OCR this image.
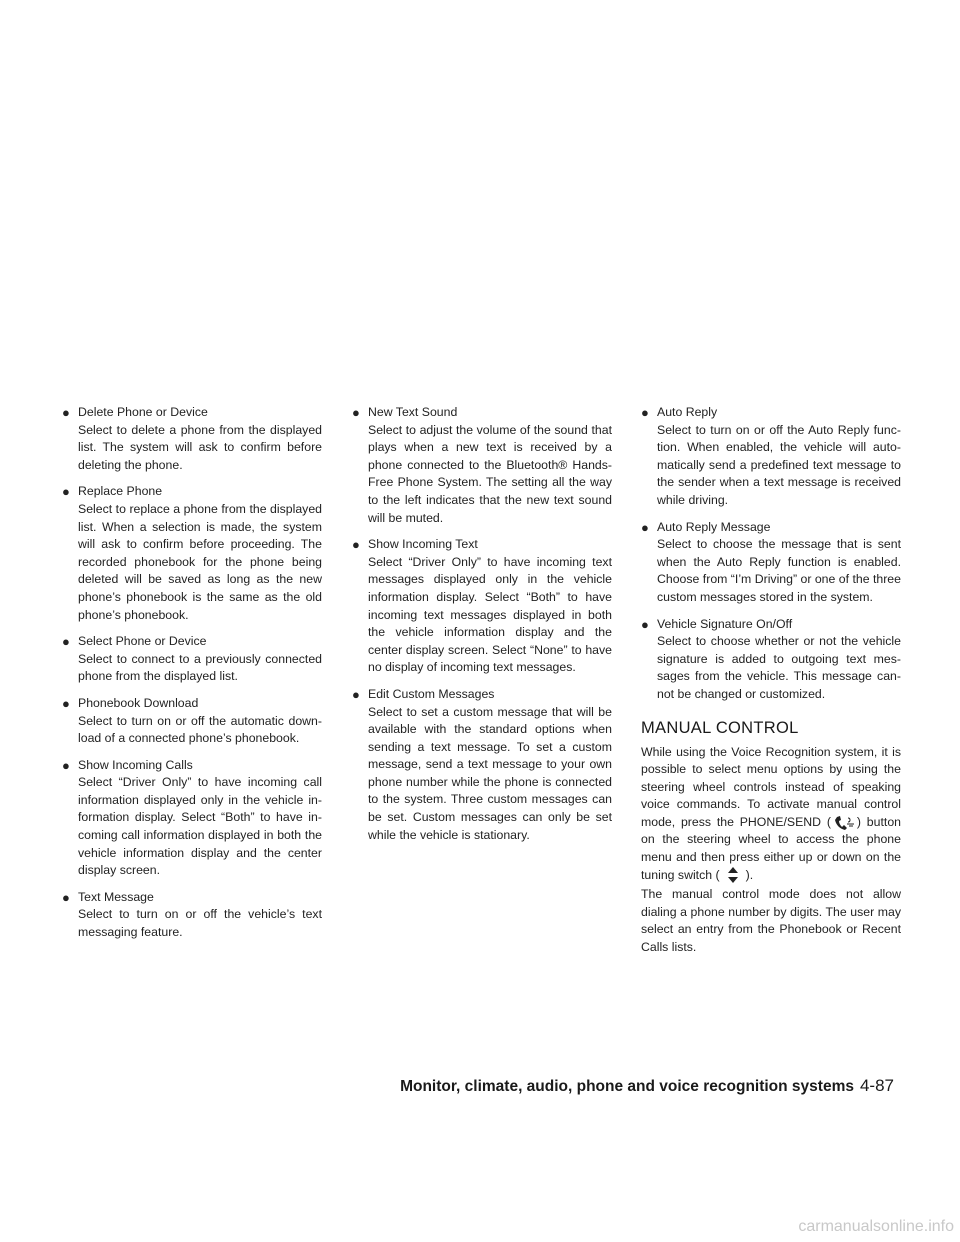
● Delete Phone or Device
Select to delete a phone from the displayed list. The system will ask to confirm before deleting the phone.
● Replace Phone
Select to replace a phone from the displayed list. When a selection is made, the system will ask to confirm before proceeding. The recorded phonebook for the phone being deleted will be saved as long as the new phone’s phonebook is the same as the old phone’s phonebook.
● Select Phone or Device
Select to connect to a previously connected phone from the displayed list.
● Phonebook Download
Select to turn on or off the automatic download of a connected phone’s phonebook.
● Show Incoming Calls
Select “Driver Only” to have incoming call information displayed only in the vehicle information display. Select “Both” to have incoming call information displayed in both the vehicle information display and the center display screen.
● Text Message
Select to turn on or off the vehicle’s text messaging feature.
● New Text Sound
Select to adjust the volume of the sound that plays when a new text is received by a phone connected to the Bluetooth® Hands-Free Phone System. The setting all the way to the left indicates that the new text sound will be muted.
● Show Incoming Text
Select “Driver Only” to have incoming text messages displayed only in the vehicle information display. Select “Both” to have incoming text messages displayed in both the vehicle information display and the center display screen. Select “None” to have no display of incoming text messages.
● Edit Custom Messages
Select to set a custom message that will be available with the standard options when sending a text message. To set a custom message, send a text message to your own phone number while the phone is connected to the system. Three custom messages can be set. Custom messages can only be set while the vehicle is stationary.
● Auto Reply
Select to turn on or off the Auto Reply function. When enabled, the vehicle will automatically send a predefined text message to the sender when a text message is received while driving.
● Auto Reply Message
Select to choose the message that is sent when the Auto Reply function is enabled. Choose from “I’m Driving” or one of the three custom messages stored in the system.
● Vehicle Signature On/Off
Select to choose whether or not the vehicle signature is added to outgoing text messages from the vehicle. This message cannot be changed or customized.
MANUAL CONTROL

While using the Voice Recognition system, it is possible to select menu options by using the steering wheel controls instead of speaking voice commands. To activate manual control mode, press the PHONE/SEND ( ) button on the steering wheel to access the phone menu and then press either up or down on the tuning switch ( ).

The manual control mode does not allow dialing a phone number by digits. The user may select an entry from the Phonebook or Recent Calls lists.

Monitor, climate, audio, phone and voice recognition systems 4-87
carmanualsonline.info
